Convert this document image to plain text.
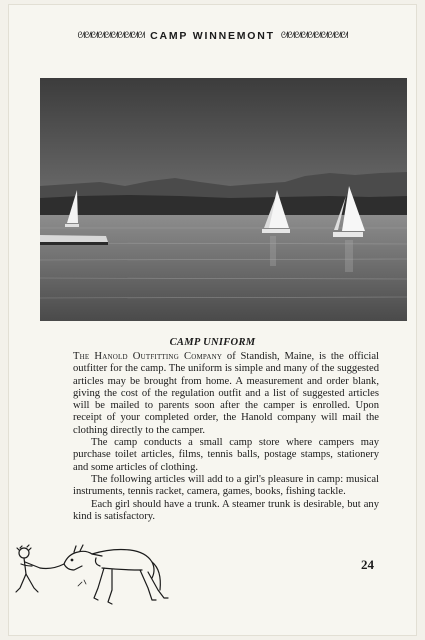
ᘛᘛᘛᘛᘛᘛᘛᘛᘛᘛ CAMP WINNEMONT ᘛᘛᘛᘛᘛᘛᘛᘛᘛᘛ
CAMP UNIFORM

The Hanold Outfitting Company of Standish, Maine, is the official outfitter for the camp. The uniform is simple and many of the suggested articles may be brought from home. A measurement and order blank, giving the cost of the regulation outfit and a list of suggested articles will be mailed to parents soon after the camper is enrolled. Upon receipt of your completed order, the Hanold company will mail the clothing directly to the camper.

The camp conducts a small camp store where campers may purchase toilet articles, films, tennis balls, postage stamps, stationery and some articles of clothing.

The following articles will add to a girl's pleasure in camp: musical instruments, tennis racket, camera, games, books, fishing tackle.

Each girl should have a trunk. A steamer trunk is desirable, but any kind is satisfactory.

24
